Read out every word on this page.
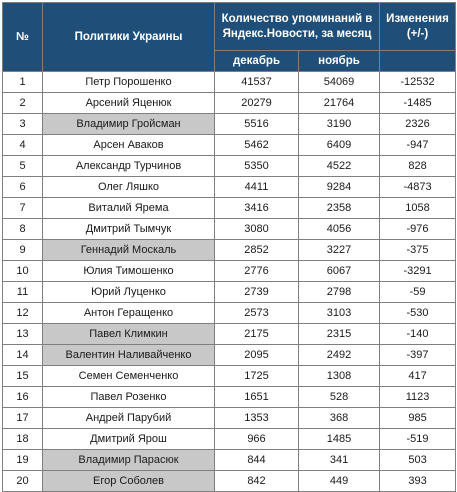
№	Политики Украины	Количество упоминаний в Яндекс.Новости, за месяц		Изменения (+/-)
		декабрь	ноябрь	
1	Петр Порошенко	41537	54069	-12532
2	Арсений Яценюк	20279	21764	-1485
3	Владимир Гройсман	5516	3190	2326
4	Арсен Аваков	5462	6409	-947
5	Александр Турчинов	5350	4522	828
6	Олег Ляшко	4411	9284	-4873
7	Виталий Ярема	3416	2358	1058
8	Дмитрий Тымчук	3080	4056	-976
9	Геннадий Москаль	2852	3227	-375
10	Юлия Тимошенко	2776	6067	-3291
11	Юрий Луценко	2739	2798	-59
12	Антон Геращенко	2573	3103	-530
13	Павел Климкин	2175	2315	-140
14	Валентин Наливайченко	2095	2492	-397
15	Семен Семенченко	1725	1308	417
16	Павел Розенко	1651	528	1123
17	Андрей Парубий	1353	368	985
18	Дмитрий Ярош	966	1485	-519
19	Владимир Парасюк	844	341	503
20	Егор Соболев	842	449	393
